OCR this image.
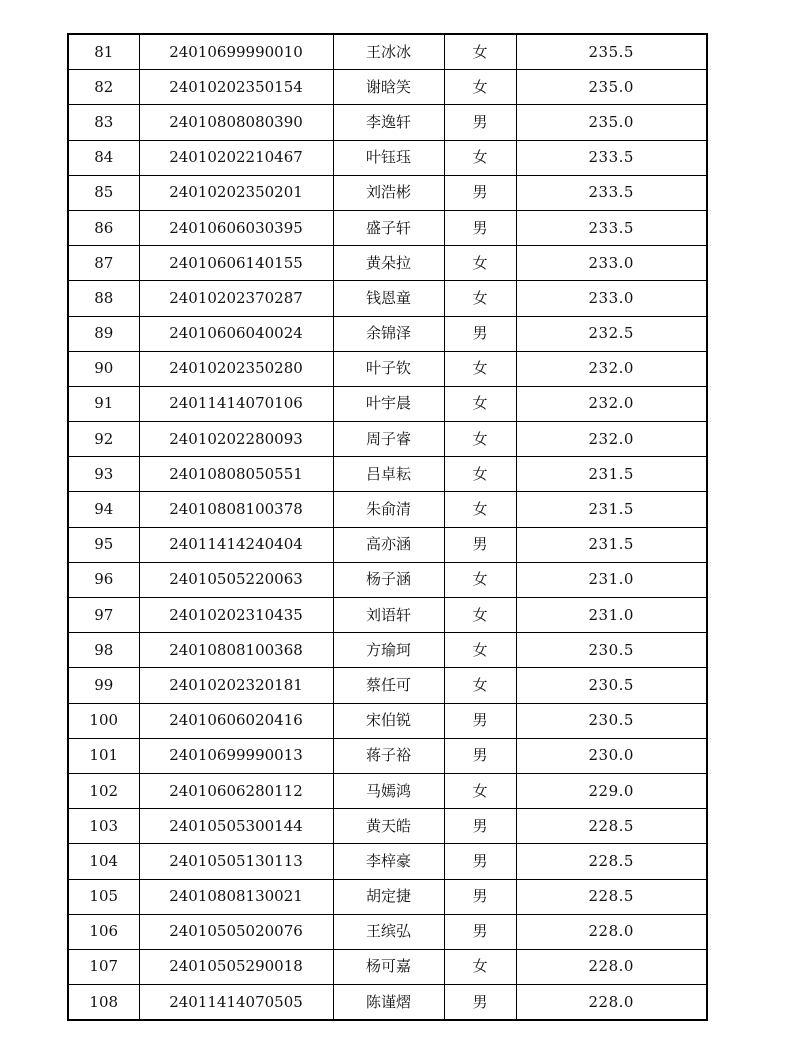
81	24010699990010	王冰冰	女	235.5
82	24010202350154	谢晗笑	女	235.0
83	24010808080390	李逸轩	男	235.0
84	24010202210467	叶钰珏	女	233.5
85	24010202350201	刘浩彬	男	233.5
86	24010606030395	盛子轩	男	233.5
87	24010606140155	黄朵拉	女	233.0
88	24010202370287	钱恩童	女	233.0
89	24010606040024	余锦泽	男	232.5
90	24010202350280	叶子钦	女	232.0
91	24011414070106	叶宇晨	女	232.0
92	24010202280093	周子睿	女	232.0
93	24010808050551	吕卓耘	女	231.5
94	24010808100378	朱俞清	女	231.5
95	24011414240404	高亦涵	男	231.5
96	24010505220063	杨子涵	女	231.0
97	24010202310435	刘语轩	女	231.0
98	24010808100368	方瑜珂	女	230.5
99	24010202320181	蔡任可	女	230.5
100	24010606020416	宋伯锐	男	230.5
101	24010699990013	蒋子裕	男	230.0
102	24010606280112	马嫣鸿	女	229.0
103	24010505300144	黄天皓	男	228.5
104	24010505130113	李梓豪	男	228.5
105	24010808130021	胡定捷	男	228.5
106	24010505020076	王缤弘	男	228.0
107	24010505290018	杨可嘉	女	228.0
108	24011414070505	陈谨熠	男	228.0
